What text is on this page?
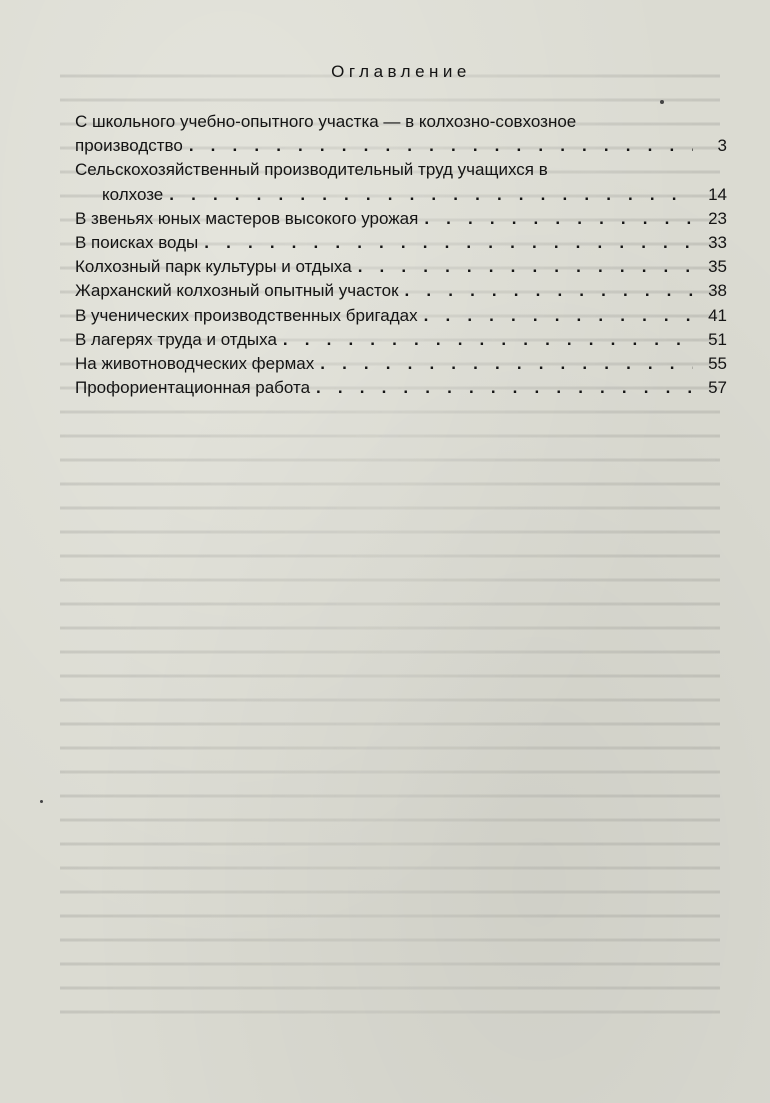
Оглавление
С школьного учебно-опытного участка — в колхозно-совхозное
производство . . .	3
Сельскохозяйственный производительный труд учащихся в
колхозе . . .	14
В звеньях юных мастеров высокого урожая . . .	23
В поисках воды . . .	33
Колхозный парк культуры и отдыха . . .	35
Жарханский колхозный опытный участок . . .	38
В ученических производственных бригадах . . .	41
В лагерях труда и отдыха . . .	51
На животноводческих фермах . . .	55
Профориентационная работа . . .	57
